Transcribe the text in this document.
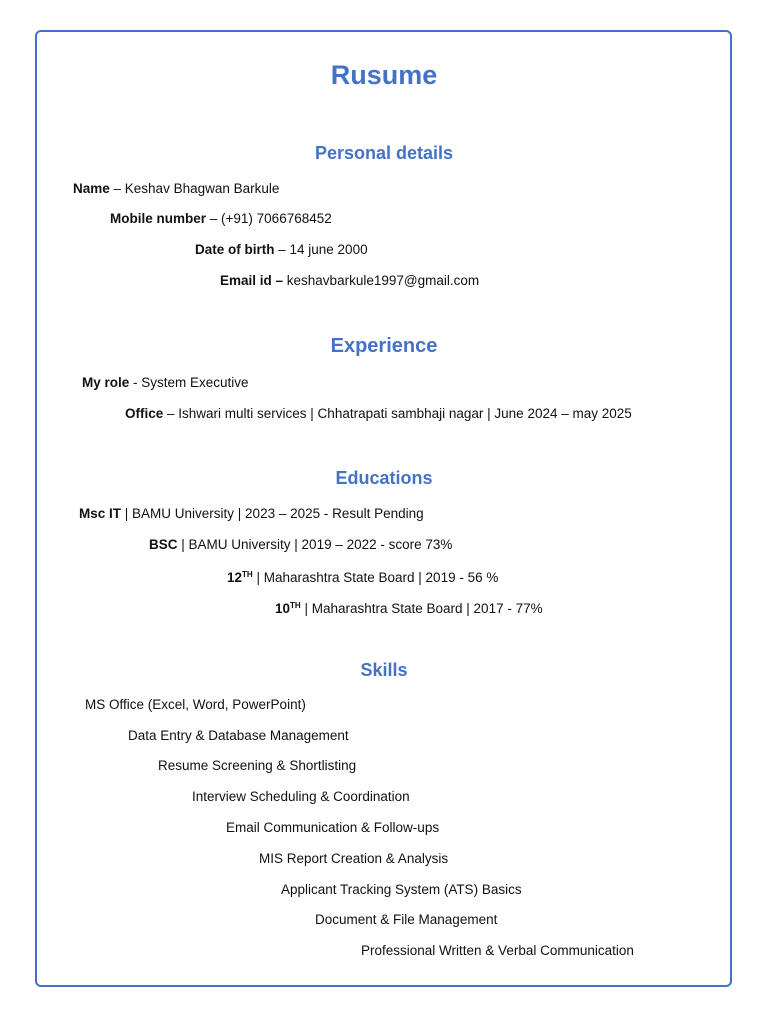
Rusume
Personal details
Name – Keshav Bhagwan Barkule
Mobile number – (+91) 7066768452
Date of birth – 14 june 2000
Email id – keshavbarkule1997@gmail.com
Experience
My role - System Executive
Office – Ishwari multi services | Chhatrapati sambhaji nagar | June 2024 – may 2025
Educations
Msc IT | BAMU University | 2023 – 2025 - Result Pending
BSC | BAMU University | 2019 – 2022 - score 73%
12TH | Maharashtra State Board | 2019 - 56 %
10TH | Maharashtra State Board | 2017 - 77%
Skills
MS Office (Excel, Word, PowerPoint)
Data Entry & Database Management
Resume Screening & Shortlisting
Interview Scheduling & Coordination
Email Communication & Follow-ups
MIS Report Creation & Analysis
Applicant Tracking System (ATS) Basics
Document & File Management
Professional Written & Verbal Communication
